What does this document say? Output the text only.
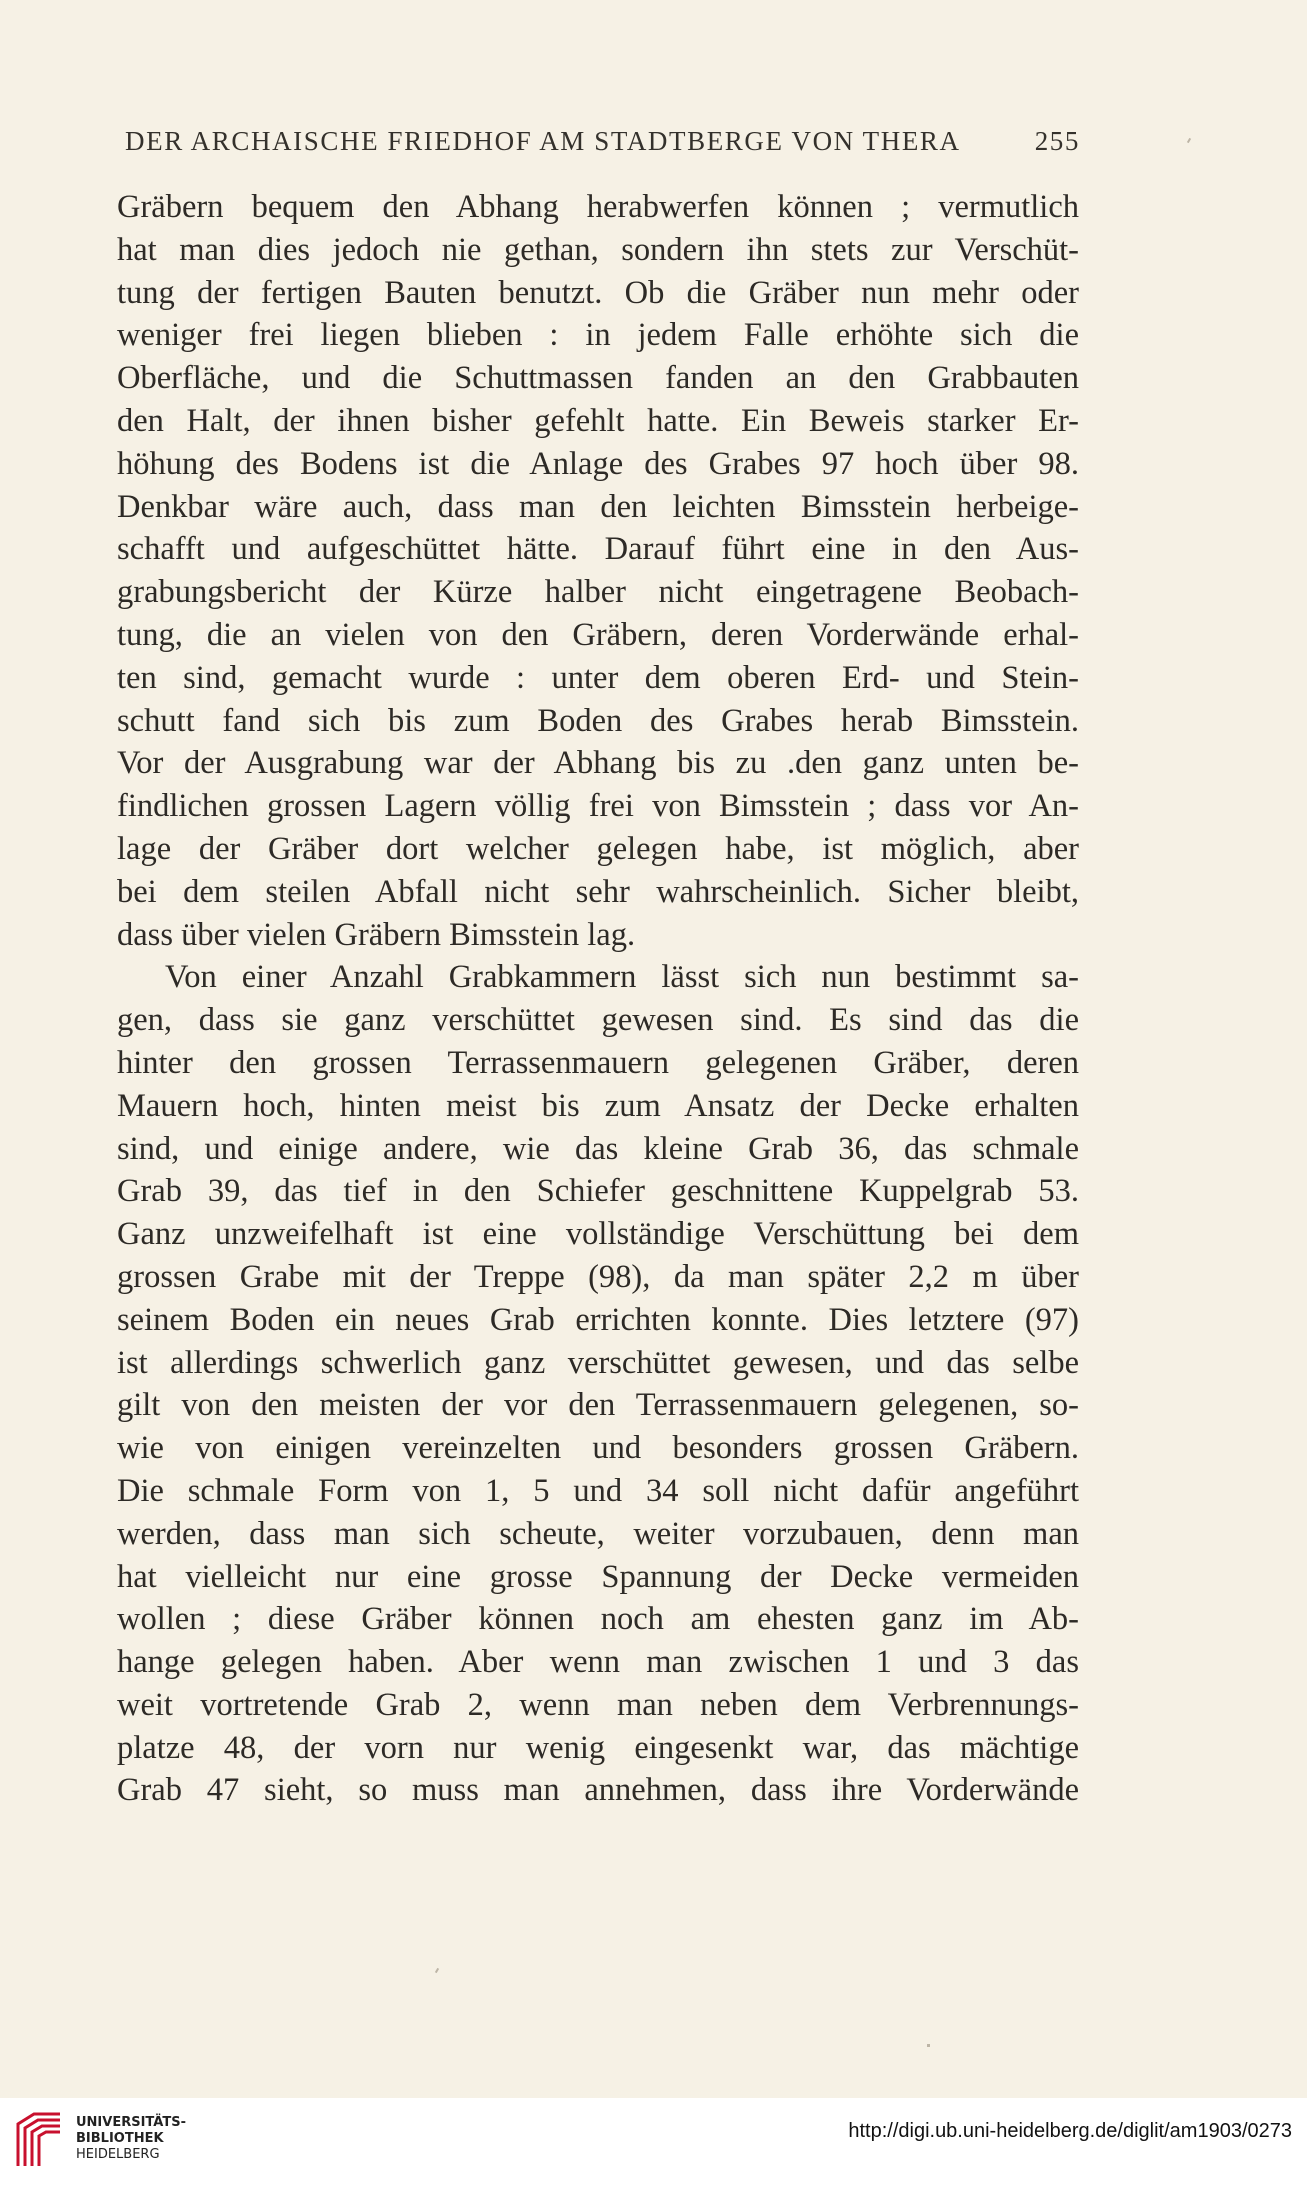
DER ARCHAISCHE FRIEDHOF AM STADTBERGE VON THERA	255
Gräbern bequem den Abhang herabwerfen können ; vermutlich
hat man dies jedoch nie gethan, sondern ihn stets zur Verschüt-
tung der fertigen Bauten benutzt. Ob die Gräber nun mehr oder
weniger frei liegen blieben : in jedem Falle erhöhte sich die
Oberfläche, und die Schuttmassen fanden an den Grabbauten
den Halt, der ihnen bisher gefehlt hatte. Ein Beweis starker Er-
höhung des Bodens ist die Anlage des Grabes 97 hoch über 98.
Denkbar wäre auch, dass man den leichten Bimsstein herbeige-
schafft und aufgeschüttet hätte. Darauf führt eine in den Aus-
grabungsbericht der Kürze halber nicht eingetragene Beobach-
tung, die an vielen von den Gräbern, deren Vorderwände erhal-
ten sind, gemacht wurde : unter dem oberen Erd- und Stein-
schutt fand sich bis zum Boden des Grabes herab Bimsstein.
Vor der Ausgrabung war der Abhang bis zu .den ganz unten be-
findlichen grossen Lagern völlig frei von Bimsstein ; dass vor An-
lage der Gräber dort welcher gelegen habe, ist möglich, aber
bei dem steilen Abfall nicht sehr wahrscheinlich. Sicher bleibt,
dass über vielen Gräbern Bimsstein lag.
Von einer Anzahl Grabkammern lässt sich nun bestimmt sa-
gen, dass sie ganz verschüttet gewesen sind. Es sind das die
hinter den grossen Terrassenmauern gelegenen Gräber, deren
Mauern hoch, hinten meist bis zum Ansatz der Decke erhalten
sind, und einige andere, wie das kleine Grab 36, das schmale
Grab 39, das tief in den Schiefer geschnittene Kuppelgrab 53.
Ganz unzweifelhaft ist eine vollständige Verschüttung bei dem
grossen Grabe mit der Treppe (98), da man später 2,2 m über
seinem Boden ein neues Grab errichten konnte. Dies letztere (97)
ist allerdings schwerlich ganz verschüttet gewesen, und das selbe
gilt von den meisten der vor den Terrassenmauern gelegenen, so-
wie von einigen vereinzelten und besonders grossen Gräbern.
Die schmale Form von 1, 5 und 34 soll nicht dafür angeführt
werden, dass man sich scheute, weiter vorzubauen, denn man
hat vielleicht nur eine grosse Spannung der Decke vermeiden
wollen ; diese Gräber können noch am ehesten ganz im Ab-
hange gelegen haben. Aber wenn man zwischen 1 und 3 das
weit vortretende Grab 2, wenn man neben dem Verbrennungs-
platze 48, der vorn nur wenig eingesenkt war, das mächtige
Grab 47 sieht, so muss man annehmen, dass ihre Vorderwände
UNIVERSITÄTS-
BIBLIOTHEK
HEIDELBERG
http://digi.ub.uni-heidelberg.de/diglit/am1903/0273
